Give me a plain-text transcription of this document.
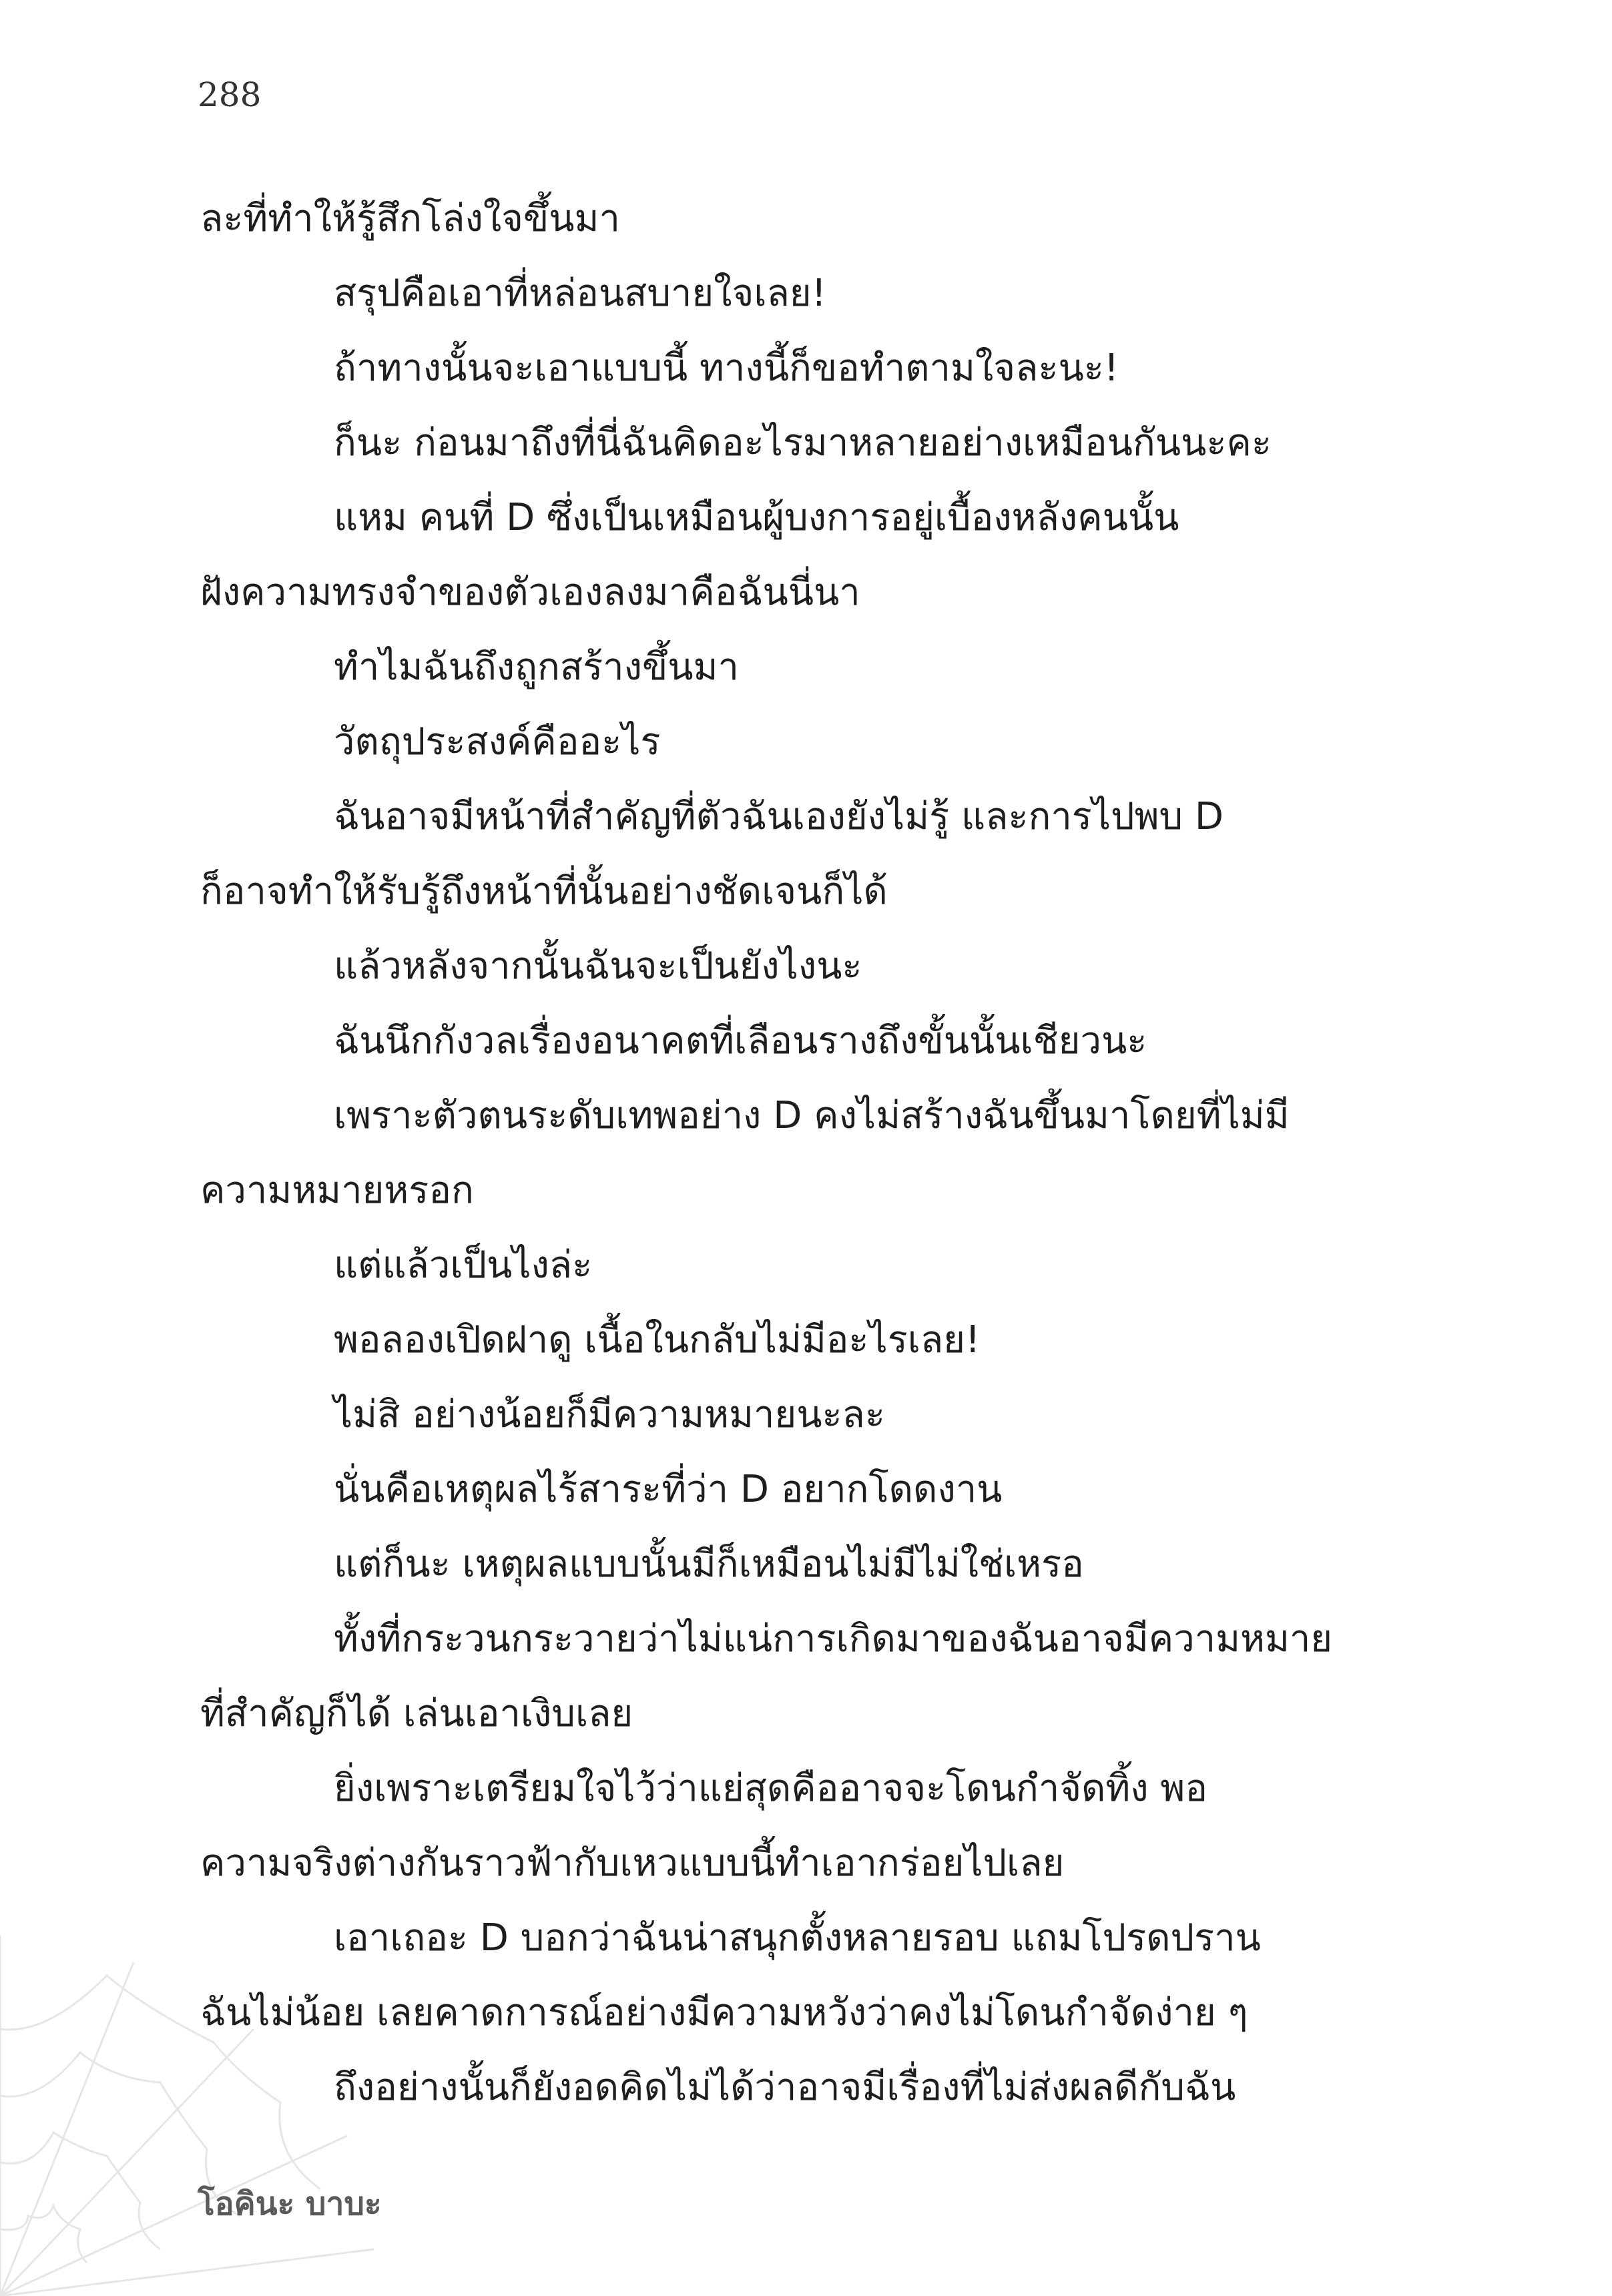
288
ละที่ทำให้รู้สึกโล่งใจขึ้นมา
สรุปคือเอาที่หล่อนสบายใจเลย!
ถ้าทางนั้นจะเอาแบบนี้ ทางนี้ก็ขอทำตามใจละนะ!
ก็นะ ก่อนมาถึงที่นี่ฉันคิดอะไรมาหลายอย่างเหมือนกันนะคะ
แหม คนที่ D ซึ่งเป็นเหมือนผู้บงการอยู่เบื้องหลังคนนั้น
ฝังความทรงจำของตัวเองลงมาคือฉันนี่นา
ทำไมฉันถึงถูกสร้างขึ้นมา
วัตถุประสงค์คืออะไร
ฉันอาจมีหน้าที่สำคัญที่ตัวฉันเองยังไม่รู้ และการไปพบ D
ก็อาจทำให้รับรู้ถึงหน้าที่นั้นอย่างชัดเจนก็ได้
แล้วหลังจากนั้นฉันจะเป็นยังไงนะ
ฉันนึกกังวลเรื่องอนาคตที่เลือนรางถึงขั้นนั้นเชียวนะ
เพราะตัวตนระดับเทพอย่าง D คงไม่สร้างฉันขึ้นมาโดยที่ไม่มี
ความหมายหรอก
แต่แล้วเป็นไงล่ะ
พอลองเปิดฝาดู เนื้อในกลับไม่มีอะไรเลย!
ไม่สิ อย่างน้อยก็มีความหมายนะละ
นั่นคือเหตุผลไร้สาระที่ว่า D อยากโดดงาน
แต่ก็นะ เหตุผลแบบนั้นมีก็เหมือนไม่มีไม่ใช่เหรอ
ทั้งที่กระวนกระวายว่าไม่แน่การเกิดมาของฉันอาจมีความหมาย
ที่สำคัญก็ได้ เล่นเอาเงิบเลย
ยิ่งเพราะเตรียมใจไว้ว่าแย่สุดคืออาจจะโดนกำจัดทิ้ง พอ
ความจริงต่างกันราวฟ้ากับเหวแบบนี้ทำเอากร่อยไปเลย
เอาเถอะ D บอกว่าฉันน่าสนุกตั้งหลายรอบ แถมโปรดปราน
ฉันไม่น้อย เลยคาดการณ์อย่างมีความหวังว่าคงไม่โดนกำจัดง่าย ๆ
ถึงอย่างนั้นก็ยังอดคิดไม่ได้ว่าอาจมีเรื่องที่ไม่ส่งผลดีกับฉัน
โอคินะ บาบะ
